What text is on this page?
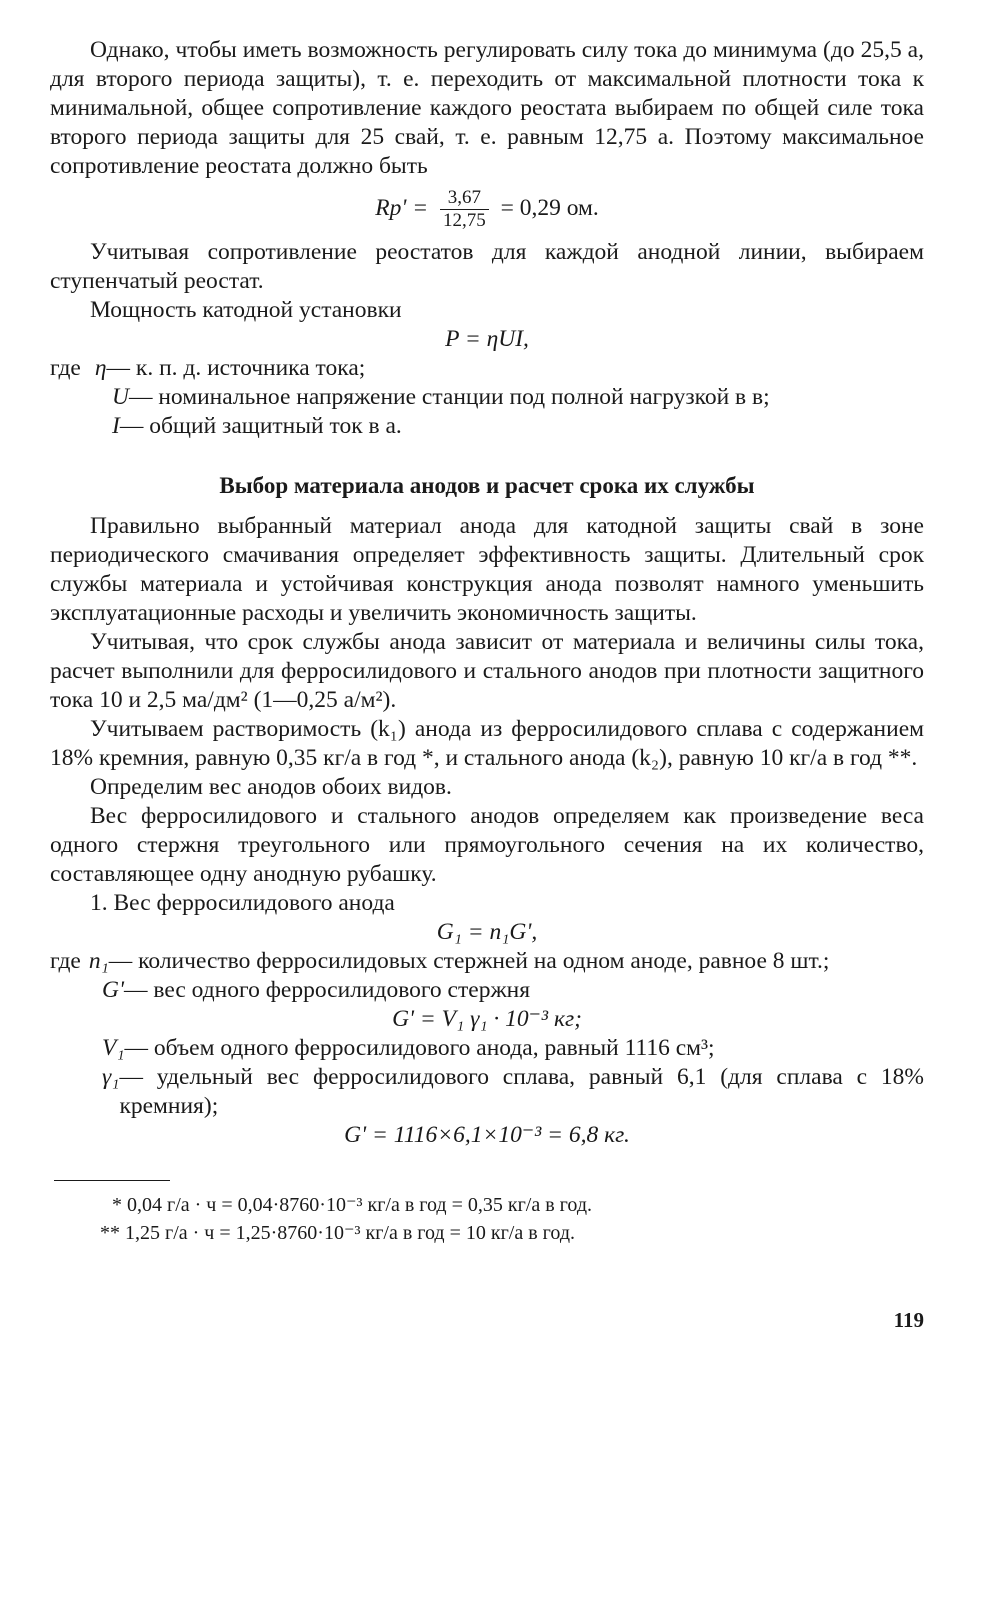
Однако, чтобы иметь возможность регулировать силу тока до минимума (до 25,5 а, для второго периода защиты), т. е. переходить от максимальной плотности тока к минимальной, общее сопротивление каждого реостата выбираем по общей силе тока второго периода защиты для 25 свай, т. е. равным 12,75 а. Поэтому максимальное сопротивление реостата должно быть

$Rр' = \frac{3,67}{12,75} = 0,29$ ом.

Учитывая сопротивление реостатов для каждой анодной линии, выбираем ступенчатый реостат.

Мощность катодной установки

P = ηUI,

где η — к. п. д. источника тока;

U — номинальное напряжение станции под полной нагрузкой в в;

I — общий защитный ток в а.

Выбор материала анодов и расчет срока их службы

Правильно выбранный материал анода для катодной защиты свай в зоне периодического смачивания определяет эффективность защиты. Длительный срок службы материала и устойчивая конструкция анода позволят намного уменьшить эксплуатационные расходы и увеличить экономичность защиты.

Учитывая, что срок службы анода зависит от материала и величины силы тока, расчет выполнили для ферросилидового и стального анодов при плотности защитного тока 10 и 2,5 ма/дм² (1—0,25 а/м²).

Учитываем растворимость (k₁) анода из ферросилидового сплава с содержанием 18% кремния, равную 0,35 кг/а в год *, и стального анода (k₂), равную 10 кг/а в год **.

Определим вес анодов обоих видов.

Вес ферросилидового и стального анодов определяем как произведение веса одного стержня треугольного или прямоугольного сечения на их количество, составляющее одну анодную рубашку.

1. Вес ферросилидового анода

G₁ = n₁G',

где n₁ — количество ферросилидовых стержней на одном аноде, равное 8 шт.;

G' — вес одного ферросилидового стержня

G' = V₁ γ₁ · 10⁻³ кг;

V₁ — объем одного ферросилидового анода, равный 1116 см³;

γ₁ — удельный вес ферросилидового сплава, равный 6,1 (для сплава с 18% кремния);

G' = 1116×6,1×10⁻³ = 6,8 кг.

* 0,04 г/а · ч = 0,04·8760·10⁻³ кг/а в год = 0,35 кг/а в год.

** 1,25 г/а · ч = 1,25·8760·10⁻³ кг/а в год = 10 кг/а в год.

119
